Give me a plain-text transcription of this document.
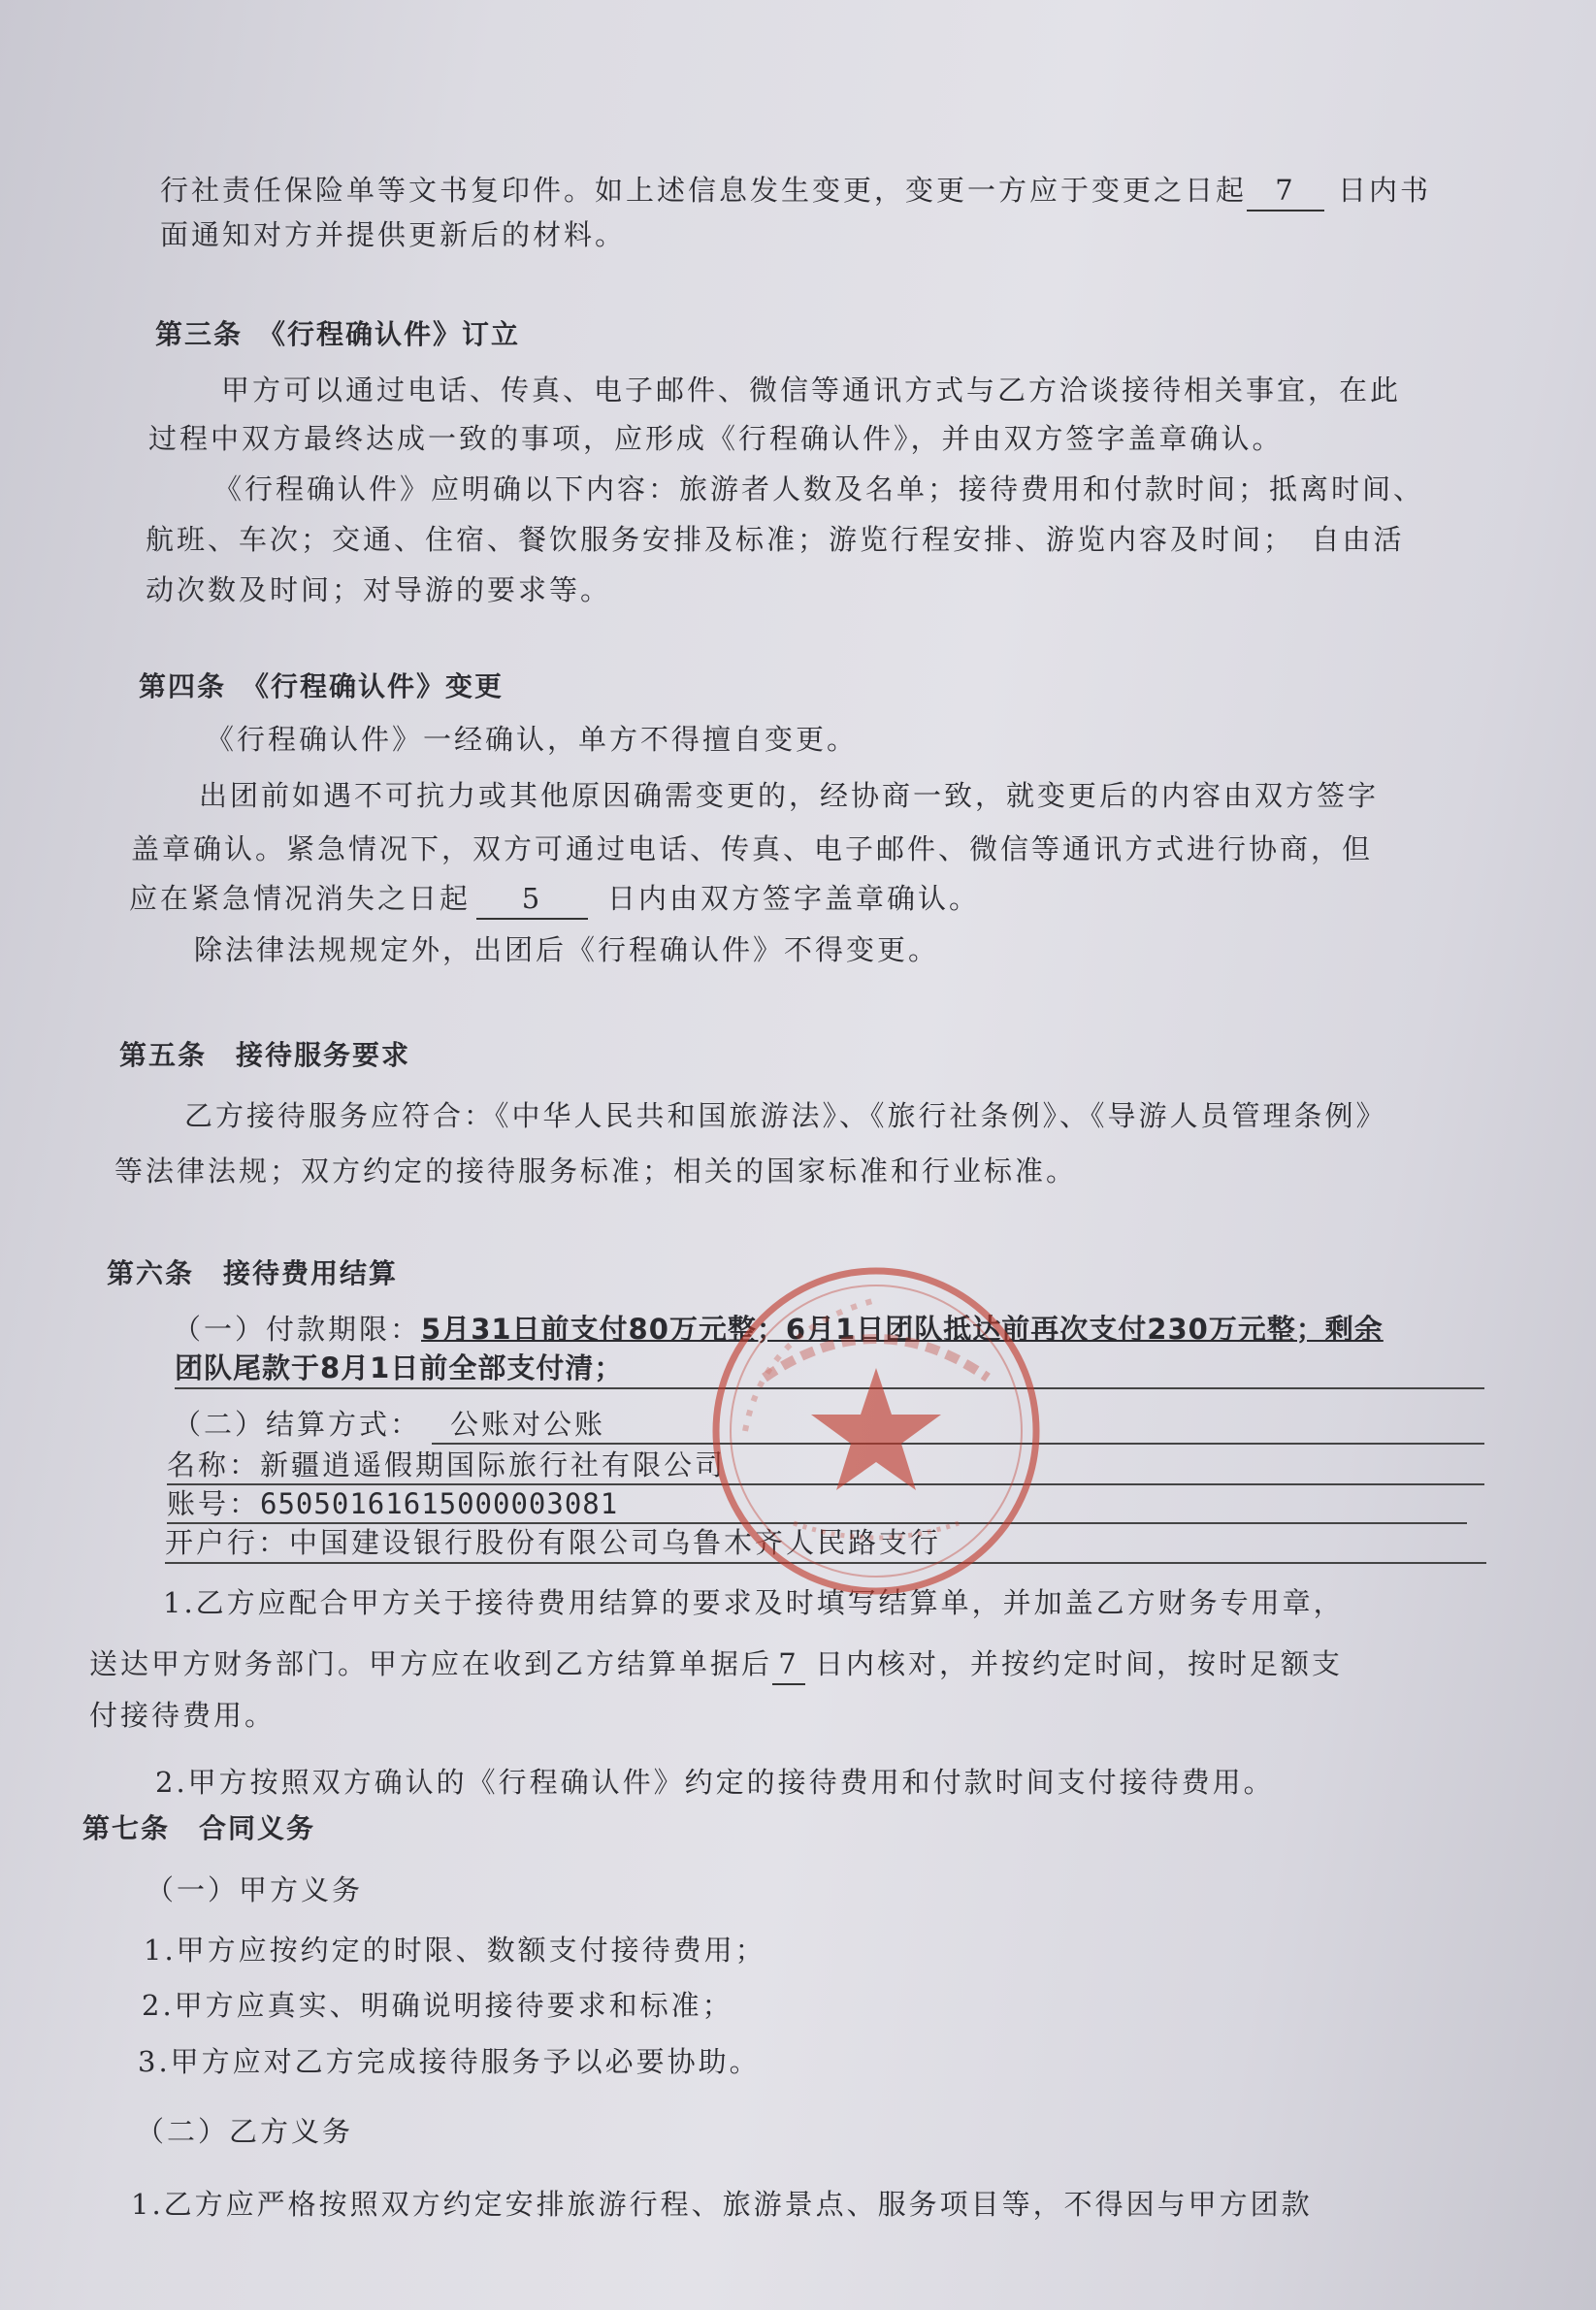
行社责任保险单等文书复印件。如上述信息发生变更，变更一方应于变更之日起 7 日内书
面通知对方并提供更新后的材料。
第三条　《行程确认件》订立
甲方可以通过电话、传真、电子邮件、微信等通讯方式与乙方洽谈接待相关事宜，在此
过程中双方最终达成一致的事项，应形成《行程确认件》，并由双方签字盖章确认。
《行程确认件》应明确以下内容：旅游者人数及名单；接待费用和付款时间；抵离时间、
航班、车次；交通、住宿、餐饮服务安排及标准；游览行程安排、游览内容及时间；　自由活
动次数及时间；对导游的要求等。
第四条　《行程确认件》变更
《行程确认件》一经确认，单方不得擅自变更。
出团前如遇不可抗力或其他原因确需变更的，经协商一致，就变更后的内容由双方签字
盖章确认。紧急情况下，双方可通过电话、传真、电子邮件、微信等通讯方式进行协商，但
应在紧急情况消失之日起 5 日内由双方签字盖章确认。
除法律法规规定外，出团后《行程确认件》不得变更。
第五条　接待服务要求
乙方接待服务应符合：《中华人民共和国旅游法》、《旅行社条例》、《导游人员管理条例》
等法律法规；双方约定的接待服务标准；相关的国家标准和行业标准。
第六条　接待费用结算
（一）付款期限：5月31日前支付80万元整；6月1日团队抵达前再次支付230万元整；剩余
团队尾款于8月1日前全部支付清；
（二）结算方式： 公账对公账
名称：新疆逍遥假期国际旅行社有限公司
账号：65050161615000003081
开户行：中国建设银行股份有限公司乌鲁木齐人民路支行
1.乙方应配合甲方关于接待费用结算的要求及时填写结算单，并加盖乙方财务专用章，
送达甲方财务部门。甲方应在收到乙方结算单据后 7 日内核对，并按约定时间，按时足额支
付接待费用。
2.甲方按照双方确认的《行程确认件》约定的接待费用和付款时间支付接待费用。
第七条　合同义务
（一）甲方义务
1.甲方应按约定的时限、数额支付接待费用；
2.甲方应真实、明确说明接待要求和标准；
3.甲方应对乙方完成接待服务予以必要协助。
（二）乙方义务
1.乙方应严格按照双方约定安排旅游行程、旅游景点、服务项目等，不得因与甲方团款
